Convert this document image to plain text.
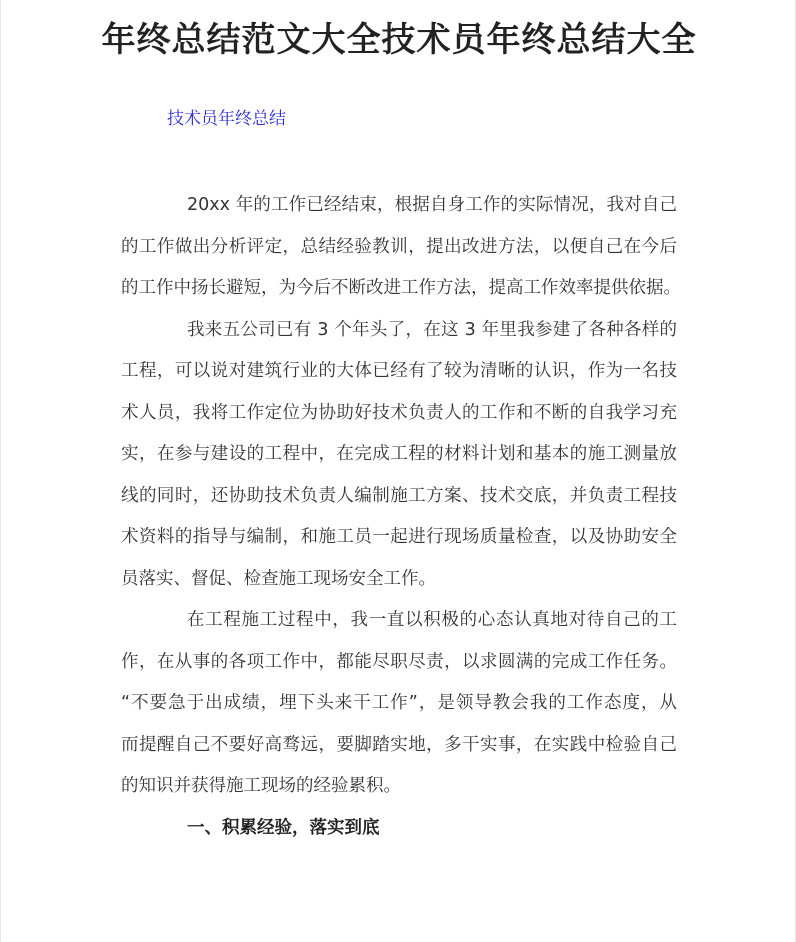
年终总结范文大全技术员年终总结大全
技术员年终总结
20xx 年的工作已经结束，根据自身工作的实际情况，我对自己
的工作做出分析评定，总结经验教训，提出改进方法，以便自己在今后
的工作中扬长避短，为今后不断改进工作方法，提高工作效率提供依据。
我来五公司已有 3 个年头了，在这 3 年里我参建了各种各样的
工程，可以说对建筑行业的大体已经有了较为清晰的认识，作为一名技
术人员，我将工作定位为协助好技术负责人的工作和不断的自我学习充
实，在参与建设的工程中，在完成工程的材料计划和基本的施工测量放
线的同时，还协助技术负责人编制施工方案、技术交底，并负责工程技
术资料的指导与编制，和施工员一起进行现场质量检查，以及协助安全
员落实、督促、检查施工现场安全工作。
在工程施工过程中，我一直以积极的心态认真地对待自己的工
作，在从事的各项工作中，都能尽职尽责，以求圆满的完成工作任务。
“不要急于出成绩，埋下头来干工作”，是领导教会我的工作态度，从
而提醒自己不要好高骛远，要脚踏实地，多干实事，在实践中检验自己
的知识并获得施工现场的经验累积。
一、积累经验，落实到底
